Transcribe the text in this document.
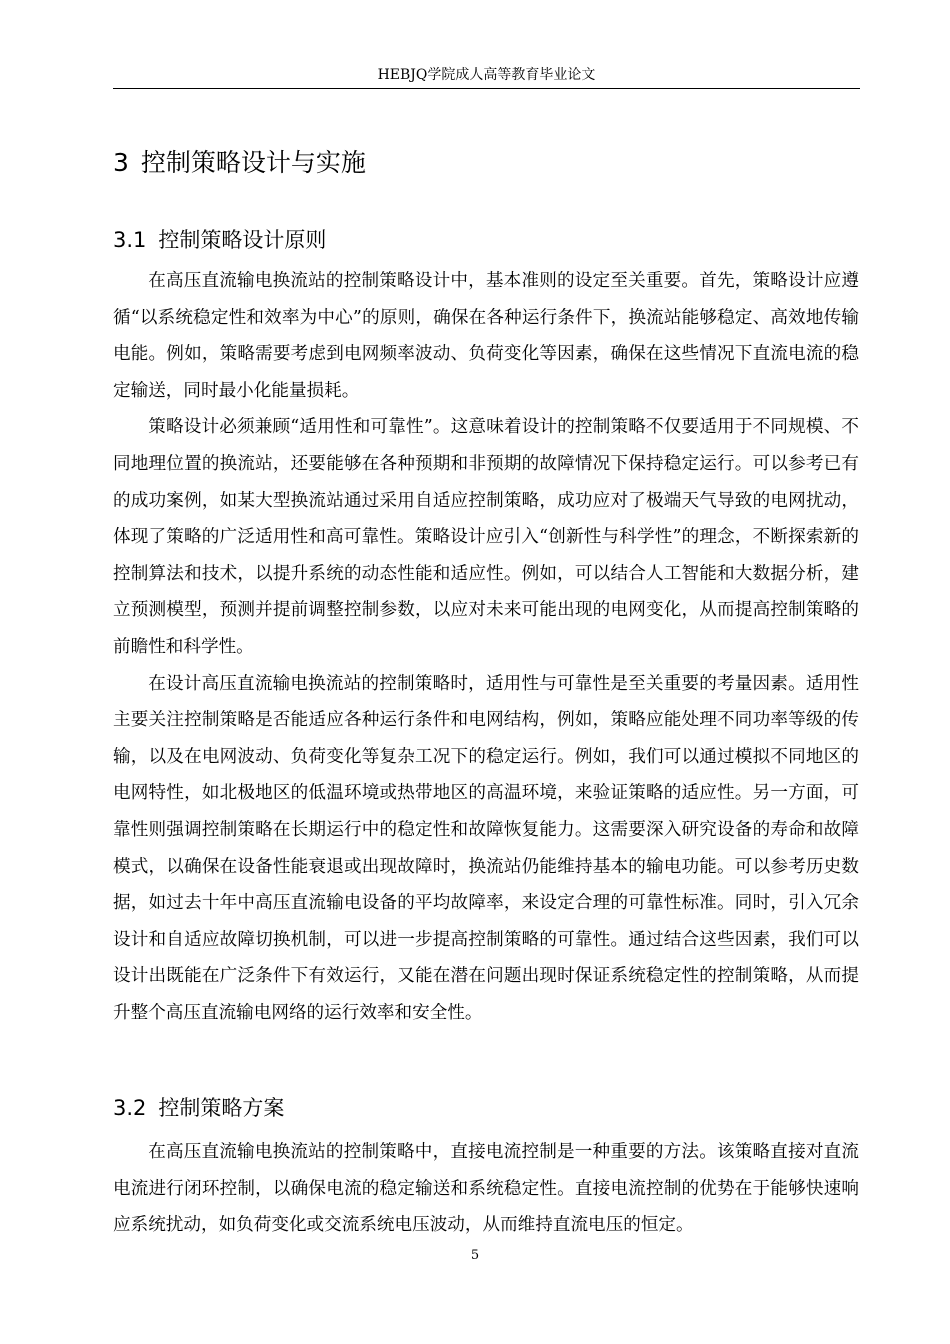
HEBJQ学院成人高等教育毕业论文
3 控制策略设计与实施
3.1 控制策略设计原则

在高压直流输电换流站的控制策略设计中，基本准则的设定至关重要。首先，策略设计应遵循“以系统稳定性和效率为中心”的原则，确保在各种运行条件下，换流站能够稳定、高效地传输电能。例如，策略需要考虑到电网频率波动、负荷变化等因素，确保在这些情况下直流电流的稳定输送，同时最小化能量损耗。

策略设计必须兼顾“适用性和可靠性”。这意味着设计的控制策略不仅要适用于不同规模、不同地理位置的换流站，还要能够在各种预期和非预期的故障情况下保持稳定运行。可以参考已有的成功案例，如某大型换流站通过采用自适应控制策略，成功应对了极端天气导致的电网扰动，体现了策略的广泛适用性和高可靠性。策略设计应引入“创新性与科学性”的理念，不断探索新的控制算法和技术，以提升系统的动态性能和适应性。例如，可以结合人工智能和大数据分析，建立预测模型，预测并提前调整控制参数，以应对未来可能出现的电网变化，从而提高控制策略的前瞻性和科学性。

在设计高压直流输电换流站的控制策略时，适用性与可靠性是至关重要的考量因素。适用性主要关注控制策略是否能适应各种运行条件和电网结构，例如，策略应能处理不同功率等级的传输，以及在电网波动、负荷变化等复杂工况下的稳定运行。例如，我们可以通过模拟不同地区的电网特性，如北极地区的低温环境或热带地区的高温环境，来验证策略的适应性。另一方面，可靠性则强调控制策略在长期运行中的稳定性和故障恢复能力。这需要深入研究设备的寿命和故障模式，以确保在设备性能衰退或出现故障时，换流站仍能维持基本的输电功能。可以参考历史数据，如过去十年中高压直流输电设备的平均故障率，来设定合理的可靠性标准。同时，引入冗余设计和自适应故障切换机制，可以进一步提高控制策略的可靠性。通过结合这些因素，我们可以设计出既能在广泛条件下有效运行，又能在潜在问题出现时保证系统稳定性的控制策略，从而提升整个高压直流输电网络的运行效率和安全性。

3.2 控制策略方案

在高压直流输电换流站的控制策略中，直接电流控制是一种重要的方法。该策略直接对直流电流进行闭环控制，以确保电流的稳定输送和系统稳定性。直接电流控制的优势在于能够快速响应系统扰动，如负荷变化或交流系统电压波动，从而维持直流电压的恒定。

5
